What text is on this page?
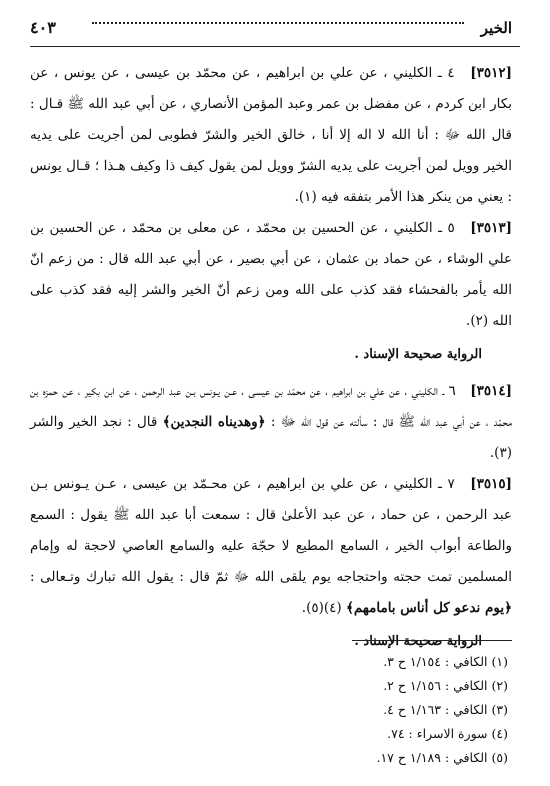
الخير
٤٠٣

[٣٥١٢] ٤ ـ الكليني ، عن علي بن ابراهيم ، عن محمّد بن عيسى ، عن يونس ، عن بكار ابن كردم ، عن مفضل بن عمر وعبد المؤمن الأنصاري ، عن أبي عبد الله ﷺ قـال : قال الله ﷻ : أنا الله لا اله إلا أنا ، خالق الخير والشرّ فطوبى لمن أجريت على يديه الخير وويل لمن أجريت على يديه الشرّ وويل لمن يقول كيف ذا وكيف هـذا ؛ قـال يونس : يعني من ينكر هذا الأمر بتفقه فيه (١).

[٣٥١٣] ٥ ـ الكليني ، عن الحسين بن محمّد ، عن معلى بن محمّد ، عن الحسين بن علي الوشاء ، عن حماد بن عثمان ، عن أبي بصير ، عن أبي عبد الله قال : من زعم انّ الله يأمر بالفحشاء فقد كذب على الله ومن زعم أنّ الخير والشر إليه فقد كذب على الله (٢).

الرواية صحيحة الإسناد .

[٣٥١٤] ٦ ـ الكليني ، عن علي بن ابراهيم ، عن محمّد بن عيسى ، عـن يـونس بـن عبد الرحمن ، عن ابن بكير ، عن حمزه بن محمّد ، عن أبي عبد الله ﷺ قال : سألته عن قول الله ﷻ : ﴿وهديناه النجدين﴾ قال : نجد الخير والشر (٣).

[٣٥١٥] ٧ ـ الكليني ، عن علي بن ابراهيم ، عن محـمّد بن عيسى ، عـن يـونس بـن عبد الرحمن ، عن حماد ، عن عبد الأعلىٰ قال : سمعت أبا عبد الله ﷺ يقول : السمع والطاعة أبواب الخير ، السامع المطيع لا حجّة عليه والسامع العاصي لاحجة له وإمام المسلمين تمت حجته واحتجاجه يوم يلقى الله ﷻ ثمّ قال : يقول الله تبارك وتـعالى : ﴿يوم ندعو كل أناس بامامهم﴾ (٤)(٥).

الرواية صحيحة الإسناد .
(١) الكافي : ١/١٥٤ ح ٣.
(٢) الكافي : ١/١٥٦ ح ٢.
(٣) الكافي : ١/١٦٣ ح ٤.
(٤) سورة الاسراء : ٧٤.
(٥) الكافي : ١/١٨٩ ح ١٧.
